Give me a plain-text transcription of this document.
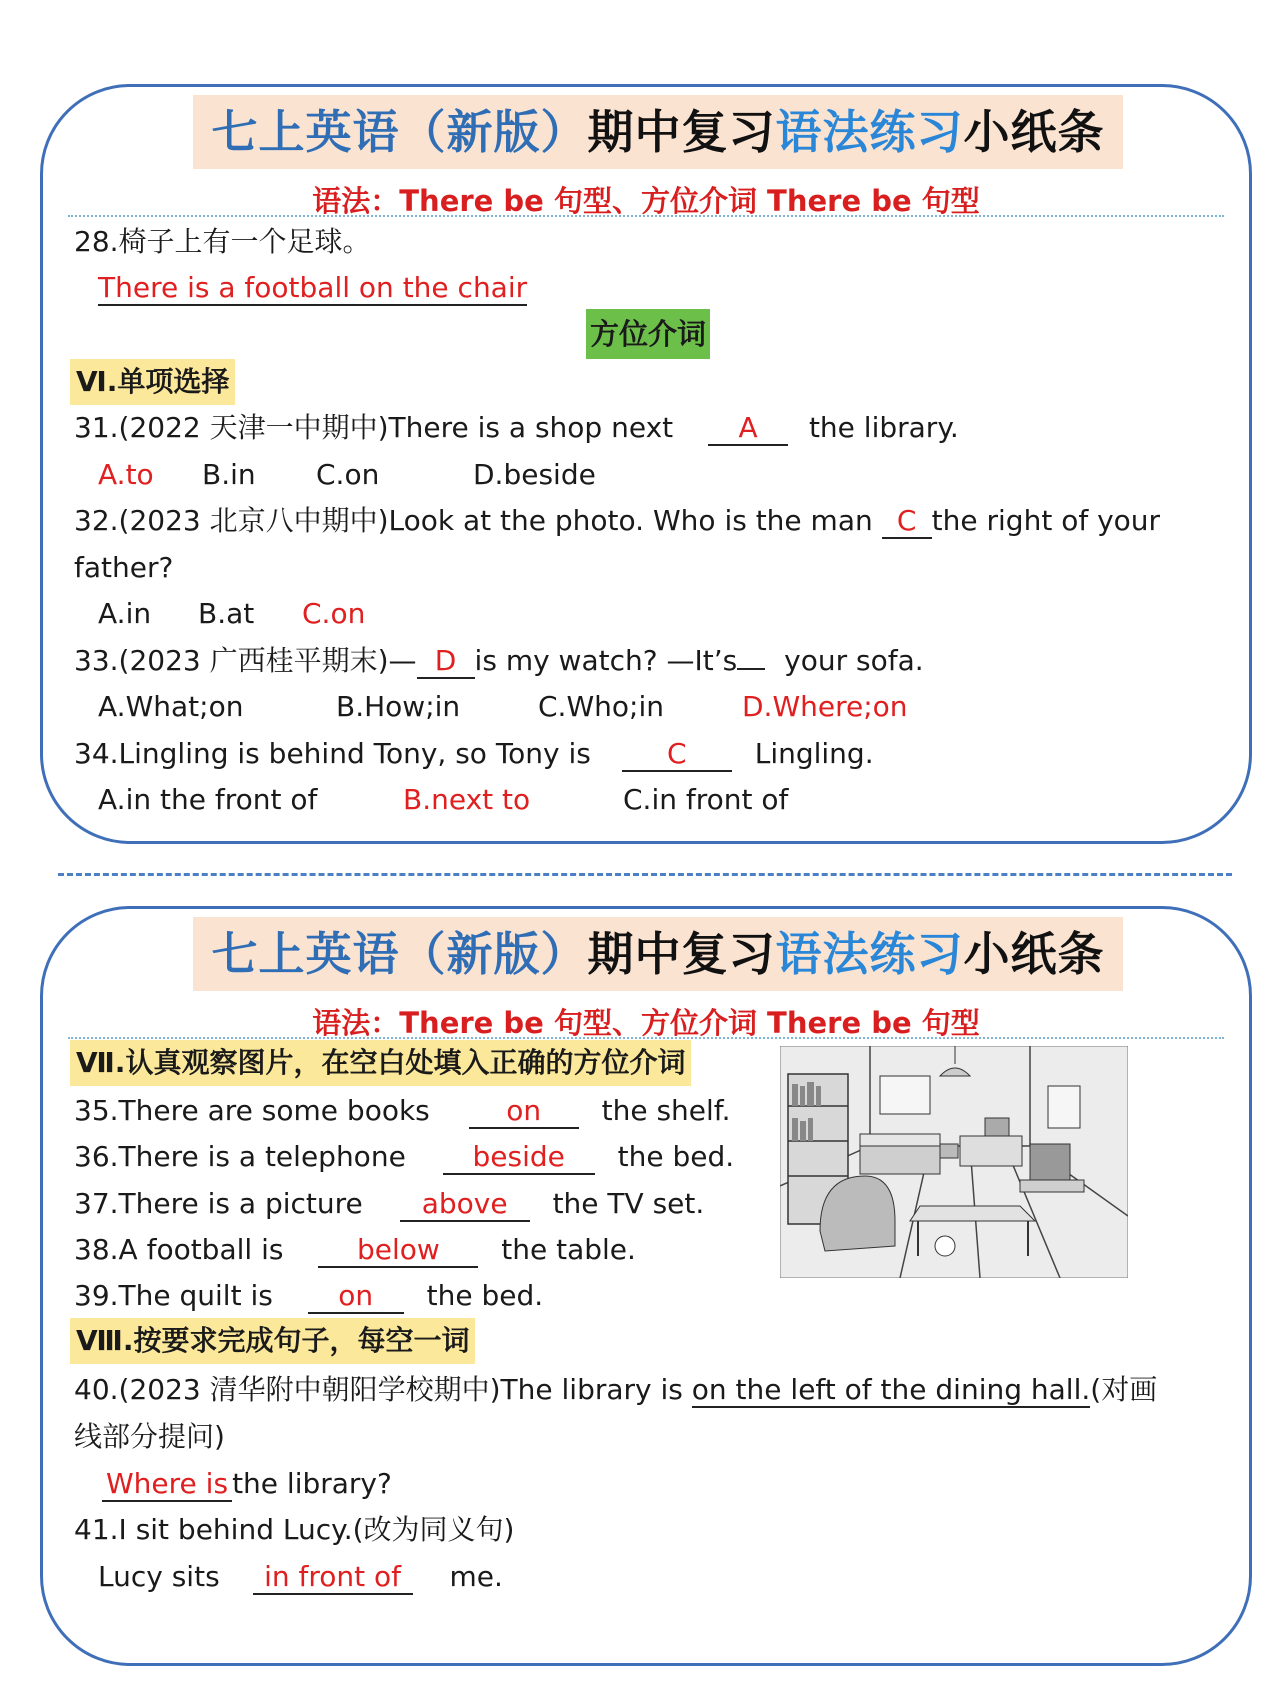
七上英语（新版）期中复习语法练习小纸条
语法：There be 句型、方位介词 There be 句型
28.椅子上有一个足球。
There is a football on the chair
方位介词
Ⅵ.单项选择
31.(2022 天津一中期中)There is a shop next A the library.
A.to B.in C.on	D.beside
32.(2023 北京八中期中)Look at the photo. Who is the man C the right of your
father?
A.in B.at C.on
33.(2023 广西桂平期末)— D is my watch? —It’s your sofa.
A.What;on	B.How;in	C.Who;in	D.Where;on
34.Lingling is behind Tony, so Tony is	C Lingling.
A.in the front of	B.next to	C.in front of
七上英语（新版）期中复习语法练习小纸条
语法：There be 句型、方位介词 There be 句型
Ⅶ.认真观察图片，在空白处填入正确的方位介词
35.There are some books	on the shelf.
36.There is a telephone beside the bed.
37.There is a picture above the TV set.
38.A football is	below the table.
39.The quilt is on the bed.
Ⅷ.按要求完成句子，每空一词
40.(2023 清华附中朝阳学校期中)The library is on the left of the dining hall.(对画
线部分提问)
Where is the library?
41.I sit behind Lucy.(改为同义句)
Lucy sits in front of me.
